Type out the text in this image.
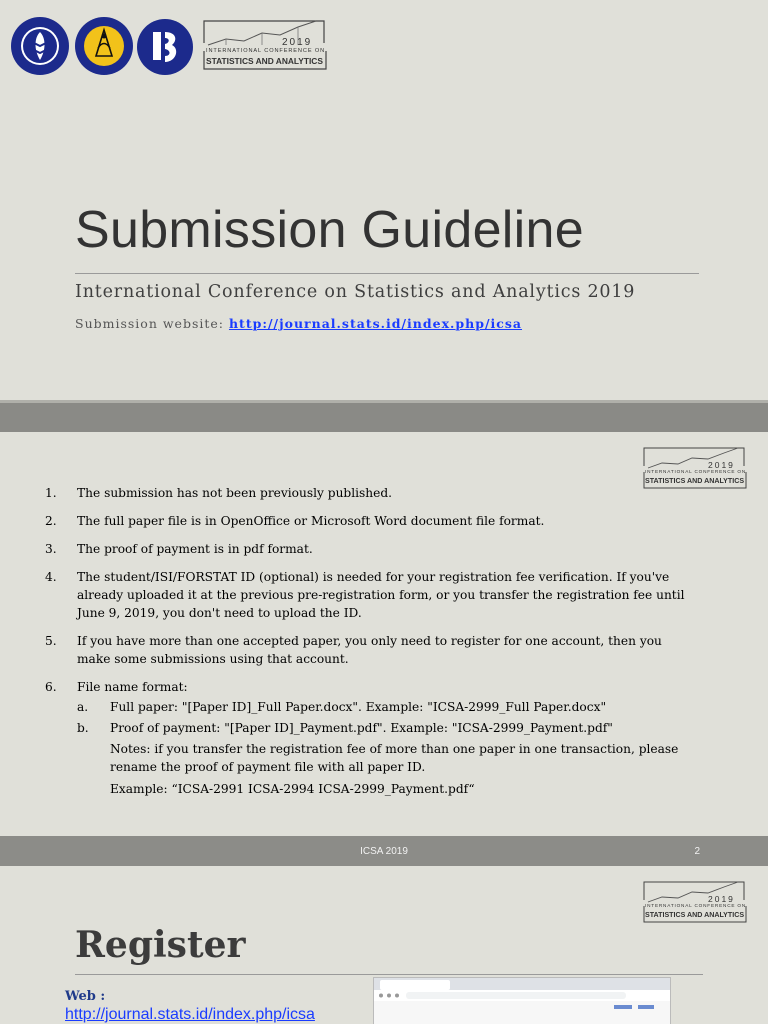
2019
INTERNATIONAL CONFERENCE ON
STATISTICS AND ANALYTICS
Submission Guideline
International Conference on Statistics and Analytics 2019
Submission website: http://journal.stats.id/index.php/icsa
2019
INTERNATIONAL CONFERENCE ON
STATISTICS AND ANALYTICS
1. The submission has not been previously published.
2. The full paper file is in OpenOffice or Microsoft Word document file format.
3. The proof of payment is in pdf format.
4. The student/ISI/FORSTAT ID (optional) is needed for your registration fee verification. If you've already uploaded it at the previous pre-registration form, or you transfer the registration fee until June 9, 2019, you don't need to upload the ID.
5. If you have more than one accepted paper, you only need to register for one account, then you make some submissions using that account.
6. File name format:
a. Full paper: "[Paper ID]_Full Paper.docx". Example: "ICSA-2999_Full Paper.docx"
b. Proof of payment: "[Paper ID]_Payment.pdf". Example: "ICSA-2999_Payment.pdf"
Notes: if you transfer the registration fee of more than one paper in one transaction, please rename the proof of payment file with all paper ID.
Example: “ICSA-2991 ICSA-2994 ICSA-2999_Payment.pdf“
ICSA 2019	2
2019
INTERNATIONAL CONFERENCE ON
STATISTICS AND ANALYTICS
Register
Web :
http://journal.stats.id/index.php/icsa
